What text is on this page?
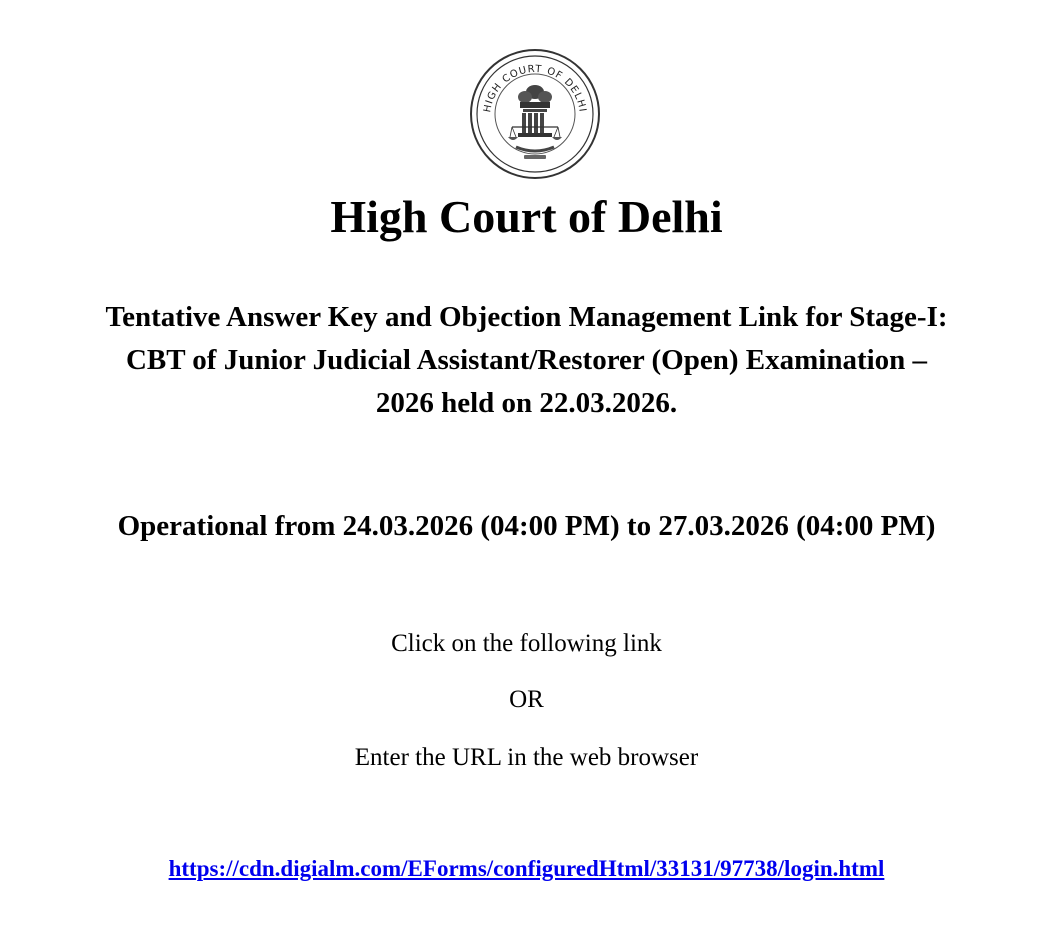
HIGH COURT OF DELHI
High Court of Delhi
Tentative Answer Key and Objection Management Link for Stage-I:
CBT of Junior Judicial Assistant/Restorer (Open) Examination –
2026 held on 22.03.2026.
Operational from 24.03.2026 (04:00 PM) to 27.03.2026 (04:00 PM)

Click on the following link

OR

Enter the URL in the web browser

https://cdn.digialm.com/EForms/configuredHtml/33131/97738/login.html
